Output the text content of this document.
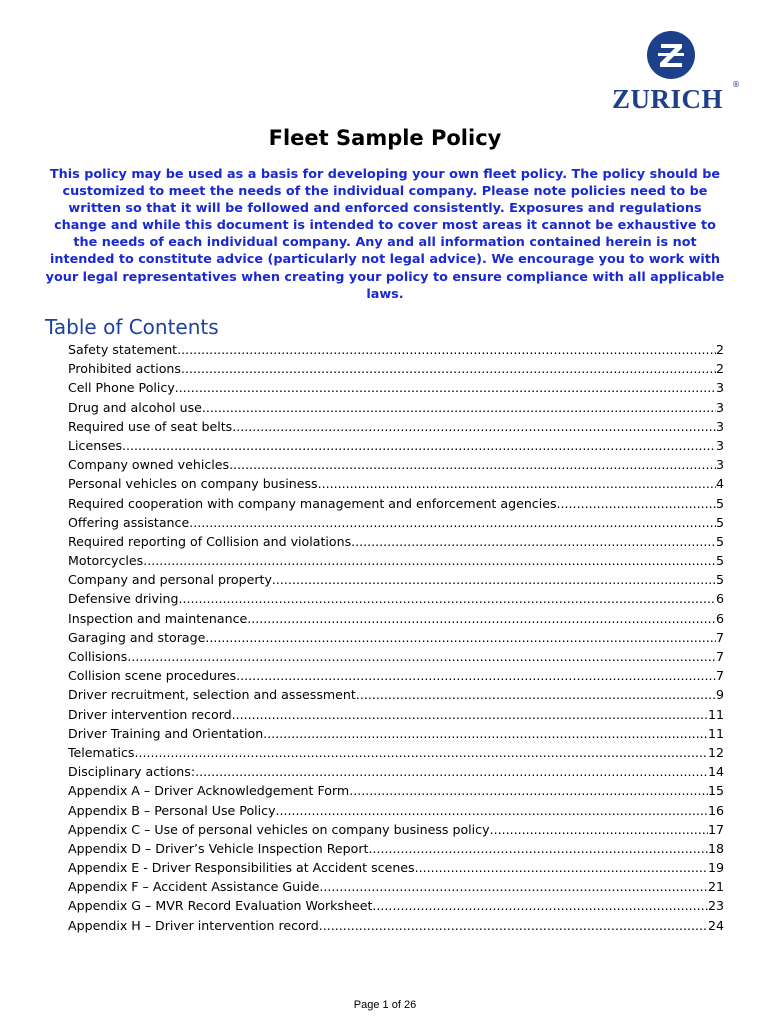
ZURICH ®
Fleet Sample Policy

This policy may be used as a basis for developing your own fleet policy. The policy should be customized to meet the needs of the individual company. Please note policies need to be written so that it will be followed and enforced consistently. Exposures and regulations change and while this document is intended to cover most areas it cannot be exhaustive to the needs of each individual company. Any and all information contained herein is not intended to constitute advice (particularly not legal advice). We encourage you to work with your legal representatives when creating your policy to ensure compliance with all applicable laws.

Table of Contents
Safety statement .....	2
Prohibited actions .....	2
Cell Phone Policy .....	3
Drug and alcohol use .....	3
Required use of seat belts .....	3
Licenses .....	3
Company owned vehicles .....	3
Personal vehicles on company business .....	4
Required cooperation with company management and enforcement agencies .....	5
Offering assistance .....	5
Required reporting of Collision and violations .....	5
Motorcycles .....	5
Company and personal property .....	5
Defensive driving .....	6
Inspection and maintenance .....	6
Garaging and storage .....	7
Collisions .....	7
Collision scene procedures .....	7
Driver recruitment, selection and assessment .....	9
Driver intervention record .....	11
Driver Training and Orientation .....	11
Telematics .....	12
Disciplinary actions: .....	14
Appendix A – Driver Acknowledgement Form .....	15
Appendix B – Personal Use Policy .....	16
Appendix C – Use of personal vehicles on company business policy .....	17
Appendix D – Driver’s Vehicle Inspection Report .....	18
Appendix E - Driver Responsibilities at Accident scenes .....	19
Appendix F – Accident Assistance Guide .....	21
Appendix G – MVR Record Evaluation Worksheet .....	23
Appendix H – Driver intervention record .....	24
Page 1 of 26
